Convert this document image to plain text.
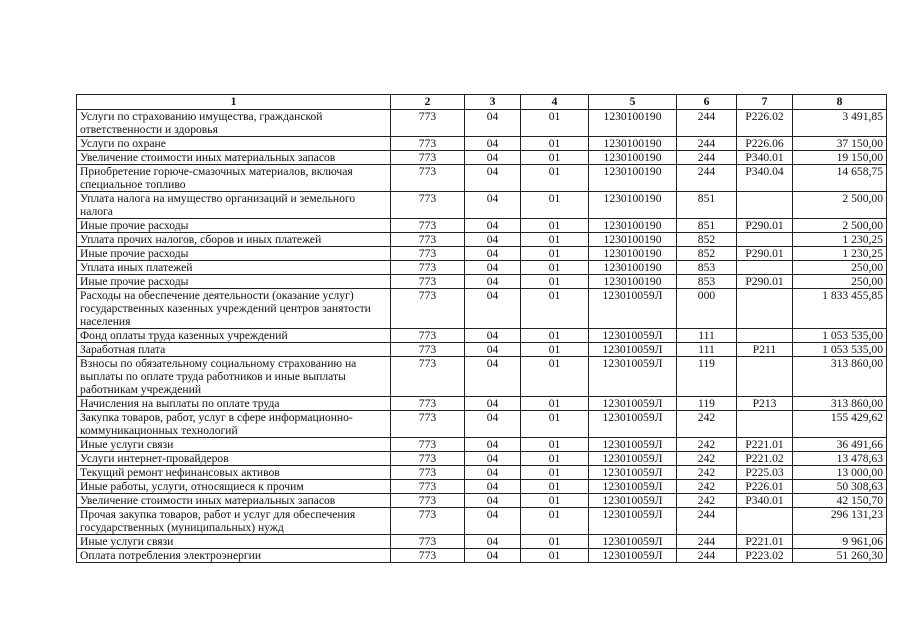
1	2	3	4	5	6	7	8
Услуги по страхованию имущества, гражданской ответственности и здоровья	773	04	01	1230100190	244	Р226.02	3 491,85
Услуги по охране	773	04	01	1230100190	244	Р226.06	37 150,00
Увеличение стоимости иных материальных запасов	773	04	01	1230100190	244	Р340.01	19 150,00
Приобретение горюче-смазочных материалов, включая специальное топливо	773	04	01	1230100190	244	Р340.04	14 658,75
Уплата налога на имущество организаций и земельного налога	773	04	01	1230100190	851		2 500,00
Иные прочие расходы	773	04	01	1230100190	851	Р290.01	2 500,00
Уплата прочих налогов, сборов и иных платежей	773	04	01	1230100190	852		1 230,25
Иные прочие расходы	773	04	01	1230100190	852	Р290.01	1 230,25
Уплата иных платежей	773	04	01	1230100190	853		250,00
Иные прочие расходы	773	04	01	1230100190	853	Р290.01	250,00
Расходы на обеспечение деятельности (оказание услуг) государственных казенных учреждений центров занятости населения	773	04	01	123010059Л	000		1 833 455,85
Фонд оплаты труда казенных учреждений	773	04	01	123010059Л	111		1 053 535,00
Заработная плата	773	04	01	123010059Л	111	Р211	1 053 535,00
Взносы по обязательному социальному страхованию на выплаты по оплате труда работников и иные выплаты работникам учреждений	773	04	01	123010059Л	119		313 860,00
Начисления на выплаты по оплате труда	773	04	01	123010059Л	119	Р213	313 860,00
Закупка товаров, работ, услуг в сфере информационно-коммуникационных технологий	773	04	01	123010059Л	242		155 429,62
Иные услуги связи	773	04	01	123010059Л	242	Р221.01	36 491,66
Услуги интернет-провайдеров	773	04	01	123010059Л	242	Р221.02	13 478,63
Текущий ремонт нефинансовых активов	773	04	01	123010059Л	242	Р225.03	13 000,00
Иные работы, услуги, относящиеся к прочим	773	04	01	123010059Л	242	Р226.01	50 308,63
Увеличение стоимости иных материальных запасов	773	04	01	123010059Л	242	Р340.01	42 150,70
Прочая закупка товаров, работ и услуг для обеспечения государственных (муниципальных) нужд	773	04	01	123010059Л	244		296 131,23
Иные услуги связи	773	04	01	123010059Л	244	Р221.01	9 961,06
Оплата потребления электроэнергии	773	04	01	123010059Л	244	Р223.02	51 260,30
